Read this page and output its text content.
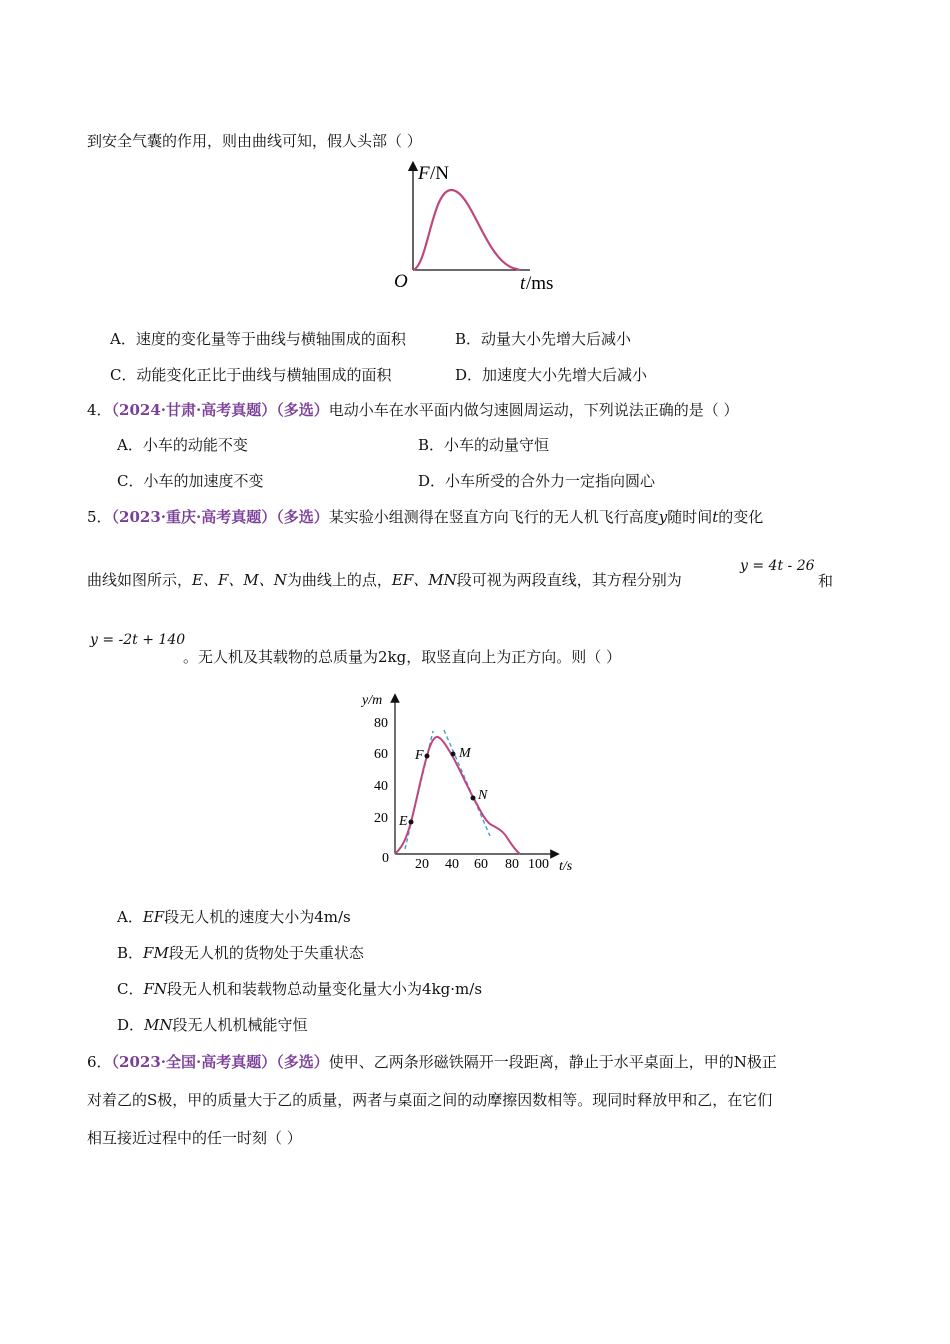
到安全气囊的作用，则由曲线可知，假人头部（ ）
F /N
O	t /ms
A．速度的变化量等于曲线与横轴围成的面积	B．动量大小先增大后减小
C．动能变化正比于曲线与横轴围成的面积	D．加速度大小先增大后减小
4．（2024·甘肃·高考真题）（多选）电动小车在水平面内做匀速圆周运动，下列说法正确的是（ ）
A．小车的动能不变	B．小车的动量守恒
C．小车的加速度不变	D．小车所受的合外力一定指向圆心
5．（2023·重庆·高考真题）（多选）某实验小组测得在竖直方向飞行的无人机飞行高度y随时间t的变化
曲线如图所示，E、F、M、N为曲线上的点，EF、MN段可视为两段直线，其方程分别为
y = 4t - 26
和
y = -2t + 140
。无人机及其载物的总质量为2kg，取竖直向上为正方向。则（ ）
20
40
60
80
20 40 60 80 100
0
y/m
t/s
E
F	M
N
A．EF段无人机的速度大小为4m/s
B．FM段无人机的货物处于失重状态
C．FN段无人机和装载物总动量变化量大小为4kg·m/s
D．MN段无人机机械能守恒
6．（2023·全国·高考真题）（多选）使甲、乙两条形磁铁隔开一段距离，静止于水平桌面上，甲的N极正
对着乙的S极，甲的质量大于乙的质量，两者与桌面之间的动摩擦因数相等。现同时释放甲和乙，在它们
相互接近过程中的任一时刻（ ）
